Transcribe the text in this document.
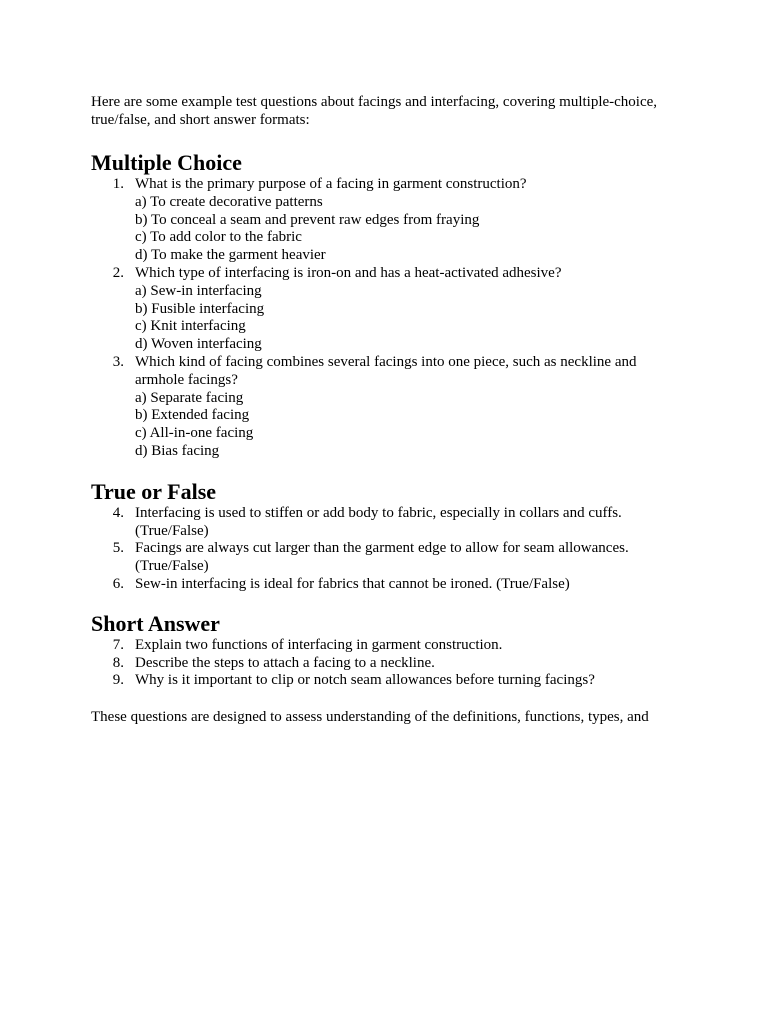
Here are some example test questions about facings and interfacing, covering multiple-choice, true/false, and short answer formats:

Multiple Choice
1. What is the primary purpose of a facing in garment construction?
a) To create decorative patterns
b) To conceal a seam and prevent raw edges from fraying
c) To add color to the fabric
d) To make the garment heavier
2. Which type of interfacing is iron-on and has a heat-activated adhesive?
a) Sew-in interfacing
b) Fusible interfacing
c) Knit interfacing
d) Woven interfacing
3. Which kind of facing combines several facings into one piece, such as neckline and armhole facings?
a) Separate facing
b) Extended facing
c) All-in-one facing
d) Bias facing
True or False
4. Interfacing is used to stiffen or add body to fabric, especially in collars and cuffs. (True/False)
5. Facings are always cut larger than the garment edge to allow for seam allowances. (True/False)
6. Sew-in interfacing is ideal for fabrics that cannot be ironed. (True/False)
Short Answer
7. Explain two functions of interfacing in garment construction.
8. Describe the steps to attach a facing to a neckline.
9. Why is it important to clip or notch seam allowances before turning facings?

These questions are designed to assess understanding of the definitions, functions, types, and
